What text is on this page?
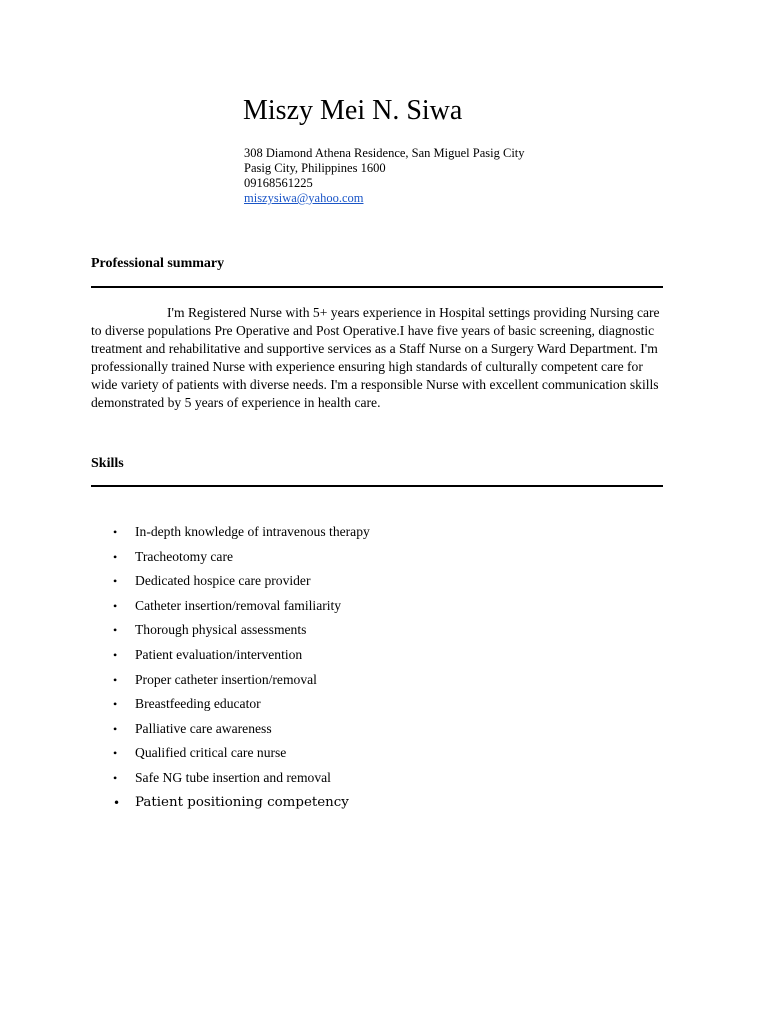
Miszy Mei N. Siwa
308 Diamond Athena Residence, San Miguel Pasig City
Pasig City, Philippines 1600
09168561225
miszysiwa@yahoo.com
Professional summary

I'm Registered Nurse with 5+ years experience in Hospital settings providing Nursing care to diverse populations Pre Operative and Post Operative.I have five years of basic screening, diagnostic treatment and rehabilitative and supportive services as a Staff Nurse on a Surgery Ward Department. I'm professionally trained Nurse with experience ensuring high standards of culturally competent care for wide variety of patients with diverse needs. I'm a responsible Nurse with excellent communication skills demonstrated by 5 years of experience in health care.

Skills
• In-depth knowledge of intravenous therapy
• Tracheotomy care
• Dedicated hospice care provider
• Catheter insertion/removal familiarity
• Thorough physical assessments
• Patient evaluation/intervention
• Proper catheter insertion/removal
• Breastfeeding educator
• Palliative care awareness
• Qualified critical care nurse
• Safe NG tube insertion and removal
• Patient positioning competency
